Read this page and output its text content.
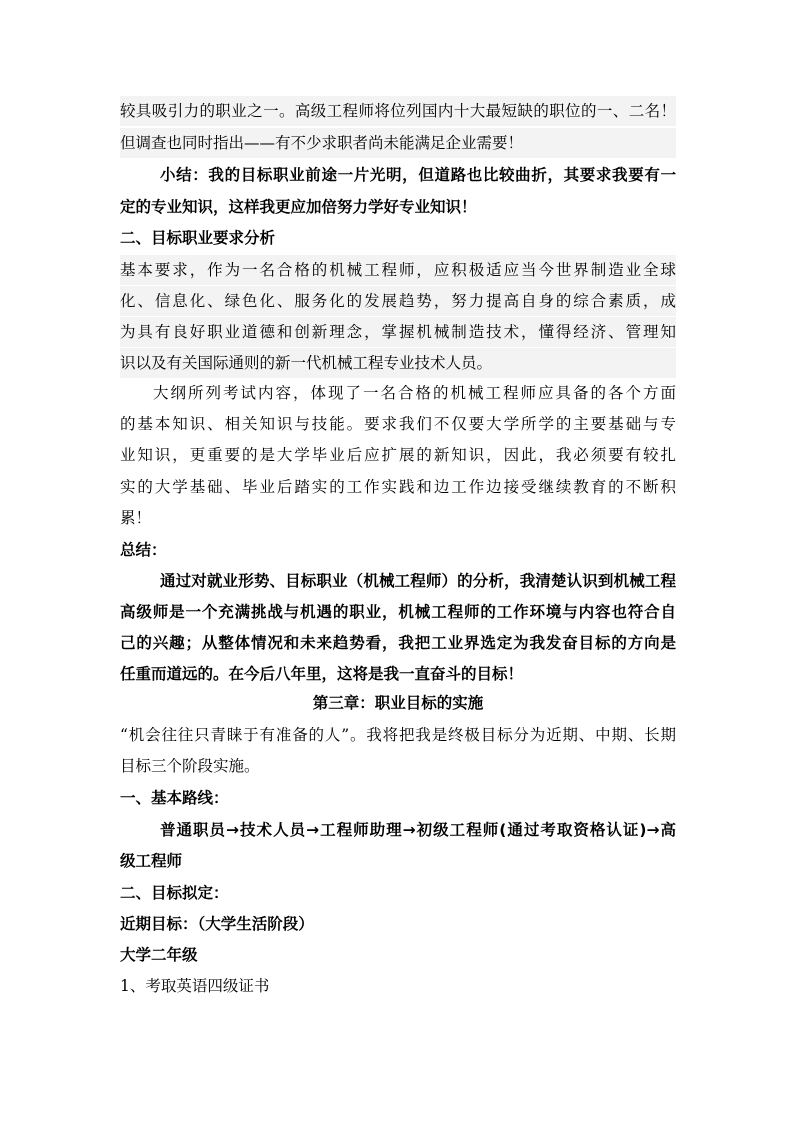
较具吸引力的职业之一。高级工程师将位列国内十大最短缺的职位的一、二名！
但调查也同时指出——有不少求职者尚未能满足企业需要！
小结：我的目标职业前途一片光明，但道路也比较曲折，其要求我要有一
定的专业知识，这样我更应加倍努力学好专业知识！
二、目标职业要求分析
基本要求，作为一名合格的机械工程师，应积极适应当今世界制造业全球
化、信息化、绿色化、服务化的发展趋势，努力提高自身的综合素质，成
为具有良好职业道德和创新理念，掌握机械制造技术，懂得经济、管理知
识以及有关国际通则的新一代机械工程专业技术人员。
大纲所列考试内容，体现了一名合格的机械工程师应具备的各个方面
的基本知识、相关知识与技能。要求我们不仅要大学所学的主要基础与专
业知识，更重要的是大学毕业后应扩展的新知识，因此，我必须要有较扎
实的大学基础、毕业后踏实的工作实践和边工作边接受继续教育的不断积
累！
总结：
通过对就业形势、目标职业（机械工程师）的分析，我清楚认识到机械工程
高级师是一个充满挑战与机遇的职业，机械工程师的工作环境与内容也符合自
己的兴趣；从整体情况和未来趋势看，我把工业界选定为我发奋目标的方向是
任重而道远的。在今后八年里，这将是我一直奋斗的目标！
第三章：职业目标的实施
“机会往往只青睐于有准备的人”。我将把我是终极目标分为近期、中期、长期
目标三个阶段实施。
一、基本路线：
普通职员→技术人员→工程师助理→初级工程师(通过考取资格认证)→高
级工程师
二、目标拟定：
近期目标：（大学生活阶段）
大学二年级
1、考取英语四级证书
